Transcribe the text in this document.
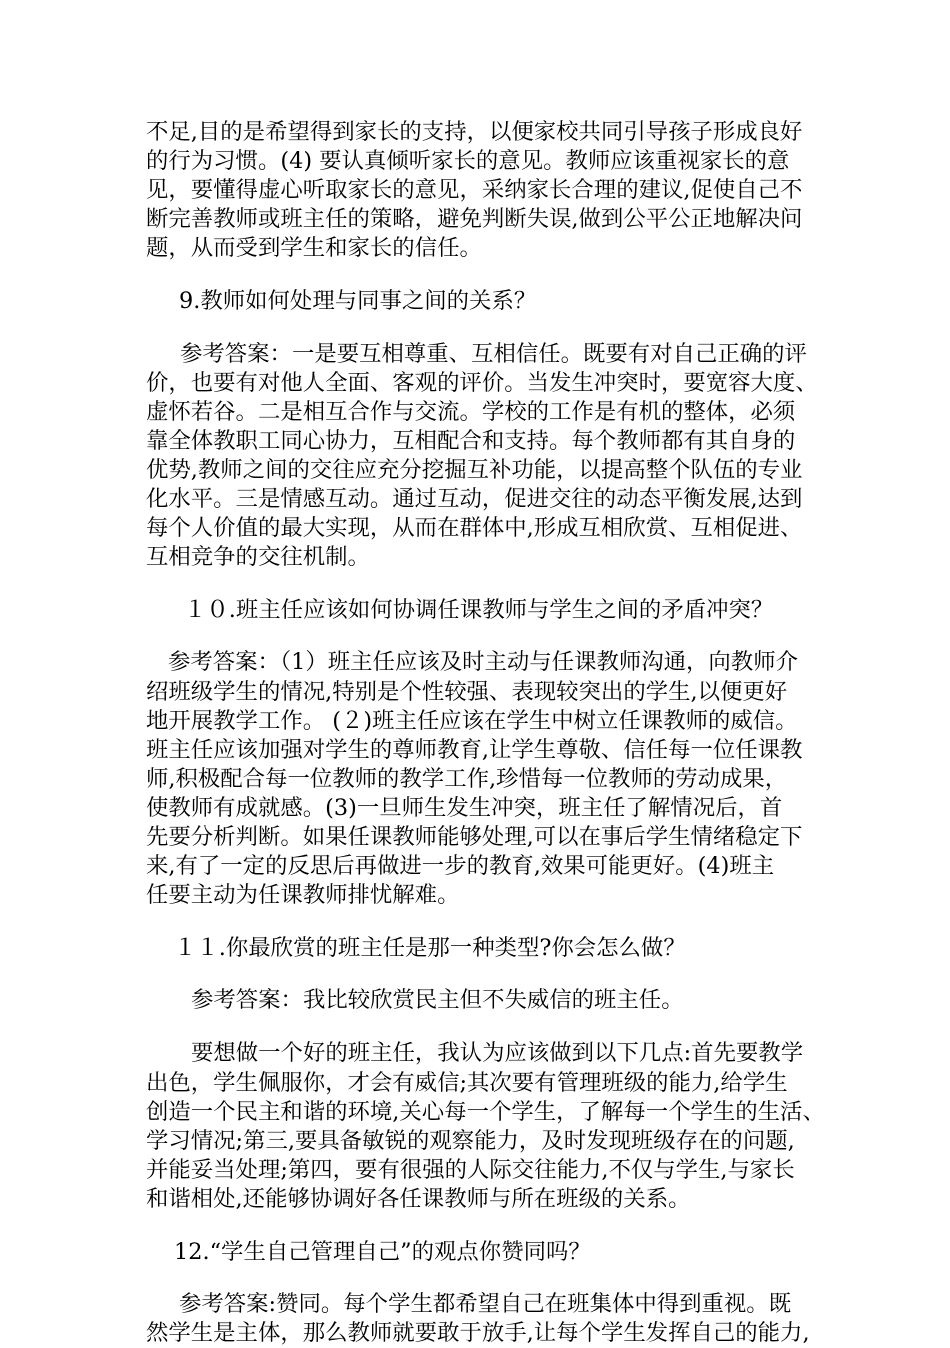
不足,目的是希望得到家长的支持，以便家校共同引导孩子形成良好
的行为习惯。(4) 要认真倾听家长的意见。教师应该重视家长的意
见，要懂得虚心听取家长的意见，采纳家长合理的建议,促使自己不
断完善教师或班主任的策略，避免判断失误,做到公平公正地解决问
题，从而受到学生和家长的信任。

9.教师如何处理与同事之间的关系？

参考答案：一是要互相尊重、互相信任。既要有对自己正确的评
价，也要有对他人全面、客观的评价。当发生冲突时，要宽容大度、
虚怀若谷。二是相互合作与交流。学校的工作是有机的整体，必须
靠全体教职工同心协力，互相配合和支持。每个教师都有其自身的
优势,教师之间的交往应充分挖掘互补功能，以提高整个队伍的专业
化水平。三是情感互动。通过互动，促进交往的动态平衡发展,达到
每个人价值的最大实现，从而在群体中,形成互相欣赏、互相促进、
互相竞争的交往机制。

１０.班主任应该如何协调任课教师与学生之间的矛盾冲突？

参考答案：（1）班主任应该及时主动与任课教师沟通，向教师介
绍班级学生的情况,特别是个性较强、表现较突出的学生,以便更好
地开展教学工作。 (２)班主任应该在学生中树立任课教师的威信。
班主任应该加强对学生的尊师教育,让学生尊敬、信任每一位任课教
师,积极配合每一位教师的教学工作,珍惜每一位教师的劳动成果，
使教师有成就感。(3)一旦师生发生冲突，班主任了解情况后，首
先要分析判断。如果任课教师能够处理,可以在事后学生情绪稳定下
来,有了一定的反思后再做进一步的教育,效果可能更好。(4)班主
任要主动为任课教师排忧解难。

１１.你最欣赏的班主任是那一种类型?你会怎么做？

参考答案：我比较欣赏民主但不失威信的班主任。

要想做一个好的班主任，我认为应该做到以下几点:首先要教学
出色，学生佩服你，才会有威信;其次要有管理班级的能力,给学生
创造一个民主和谐的环境,关心每一个学生，了解每一个学生的生活、
学习情况;第三,要具备敏锐的观察能力，及时发现班级存在的问题,
并能妥当处理;第四，要有很强的人际交往能力,不仅与学生,与家长
和谐相处,还能够协调好各任课教师与所在班级的关系。

12.“学生自己管理自己”的观点你赞同吗？

参考答案:赞同。每个学生都希望自己在班集体中得到重视。既
然学生是主体，那么教师就要敢于放手,让每个学生发挥自己的能力,
